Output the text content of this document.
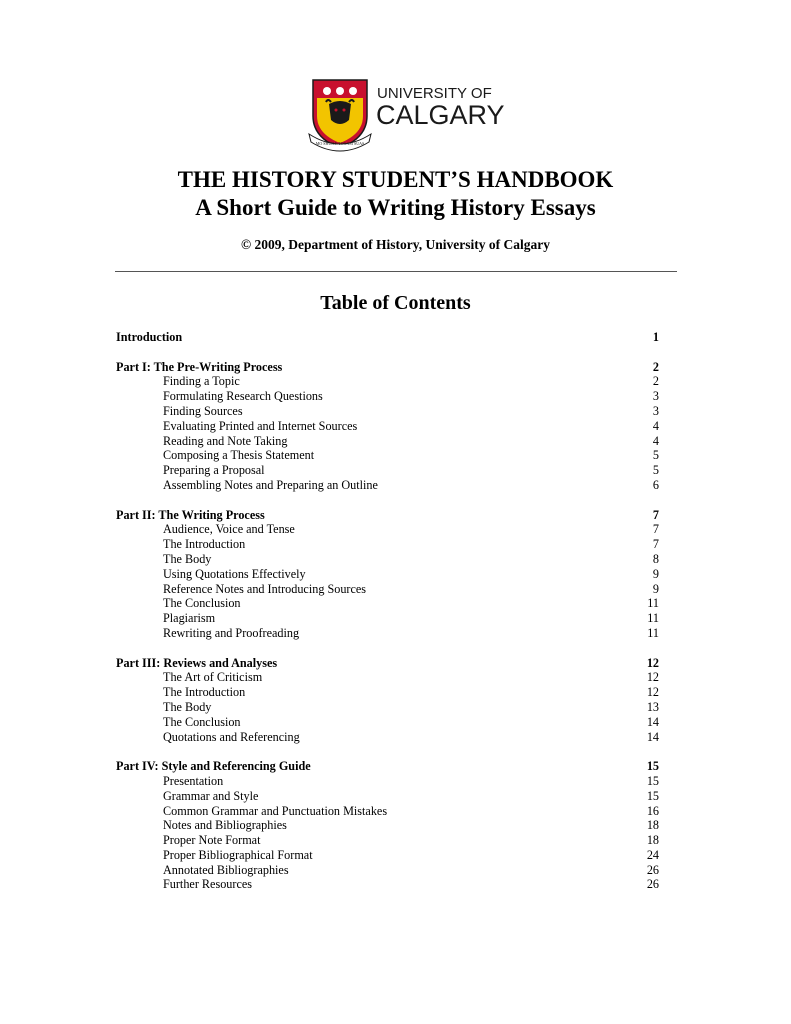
MO SHÙILE TOGAM SUAS
UNIVERSITY OF
CALGARY
THE HISTORY STUDENT’S HANDBOOK
A Short Guide to Writing History Essays
© 2009, Department of History, University of Calgary
Table of Contents
Introduction	1
Part I: The Pre-Writing Process	2
Finding a Topic	2
Formulating Research Questions	3
Finding Sources	3
Evaluating Printed and Internet Sources	4
Reading and Note Taking	4
Composing a Thesis Statement	5
Preparing a Proposal	5
Assembling Notes and Preparing an Outline	6
Part II: The Writing Process	7
Audience, Voice and Tense	7
The Introduction	7
The Body	8
Using Quotations Effectively	9
Reference Notes and Introducing Sources	9
The Conclusion	11
Plagiarism	11
Rewriting and Proofreading	11
Part III: Reviews and Analyses	12
The Art of Criticism	12
The Introduction	12
The Body	13
The Conclusion	14
Quotations and Referencing	14
Part IV: Style and Referencing Guide	15
Presentation	15
Grammar and Style	15
Common Grammar and Punctuation Mistakes	16
Notes and Bibliographies	18
Proper Note Format	18
Proper Bibliographical Format	24
Annotated Bibliographies	26
Further Resources	26
